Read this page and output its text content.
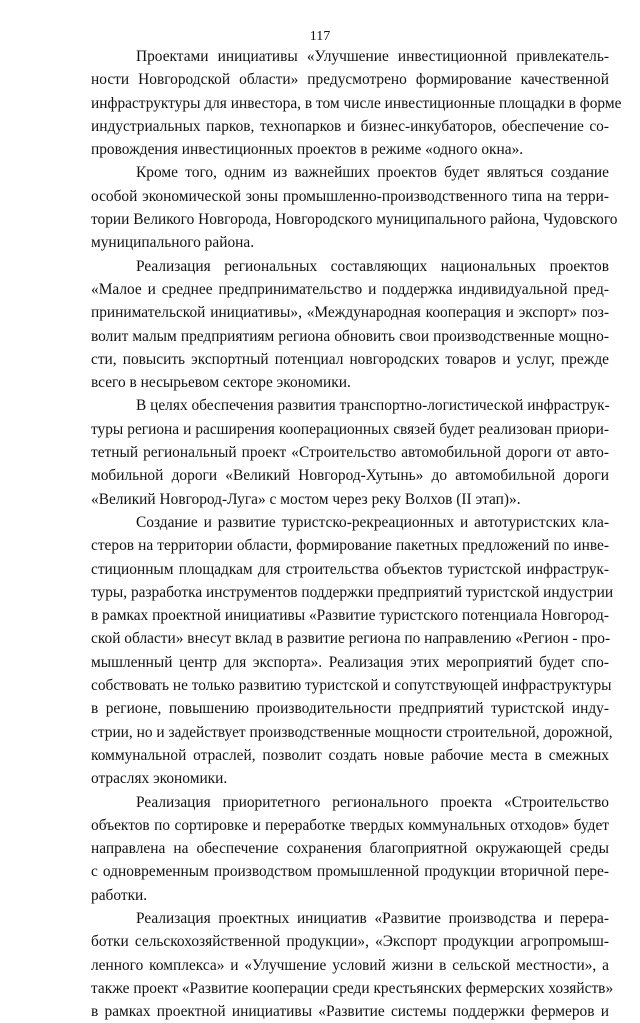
117
Проектами инициативы «Улучшение инвестиционной привлекатель-
ности Новгородской области» предусмотрено формирование качественной
инфраструктуры для инвестора, в том числе инвестиционные площадки в форме
индустриальных парков, технопарков и бизнес-инкубаторов, обеспечение со-
провождения инвестиционных проектов в режиме «одного окна».
Кроме того, одним из важнейших проектов будет являться создание
особой экономической зоны промышленно-производственного типа на терри-
тории Великого Новгорода, Новгородского муниципального района, Чудовского
муниципального района.
Реализация региональных составляющих национальных проектов
«Малое и среднее предпринимательство и поддержка индивидуальной пред-
принимательской инициативы», «Международная кооперация и экспорт» поз-
волит малым предприятиям региона обновить свои производственные мощно-
сти, повысить экспортный потенциал новгородских товаров и услуг, прежде
всего в несырьевом секторе экономики.
В целях обеспечения развития транспортно-логистической инфраструк-
туры региона и расширения кооперационных связей будет реализован приори-
тетный региональный проект «Строительство автомобильной дороги от авто-
мобильной дороги «Великий Новгород-Хутынь» до автомобильной дороги
«Великий Новгород-Луга» с мостом через реку Волхов (II этап)».
Создание и развитие туристско-рекреационных и автотуристских кла-
стеров на территории области, формирование пакетных предложений по инве-
стиционным площадкам для строительства объектов туристской инфраструк-
туры, разработка инструментов поддержки предприятий туристской индустрии
в рамках проектной инициативы «Развитие туристского потенциала Новгород-
ской области» внесут вклад в развитие региона по направлению «Регион - про-
мышленный центр для экспорта». Реализация этих мероприятий будет спо-
собствовать не только развитию туристской и сопутствующей инфраструктуры
в регионе, повышению производительности предприятий туристской инду-
стрии, но и задействует производственные мощности строительной, дорожной,
коммунальной отраслей, позволит создать новые рабочие места в смежных
отраслях экономики.
Реализация приоритетного регионального проекта «Строительство
объектов по сортировке и переработке твердых коммунальных отходов» будет
направлена на обеспечение сохранения благоприятной окружающей среды
с одновременным производством промышленной продукции вторичной пере-
работки.
Реализация проектных инициатив «Развитие производства и перера-
ботки сельскохозяйственной продукции», «Экспорт продукции агропромыш-
ленного комплекса» и «Улучшение условий жизни в сельской местности», а
также проект «Развитие кооперации среди крестьянских фермерских хозяйств»
в рамках проектной инициативы «Развитие системы поддержки фермеров и
